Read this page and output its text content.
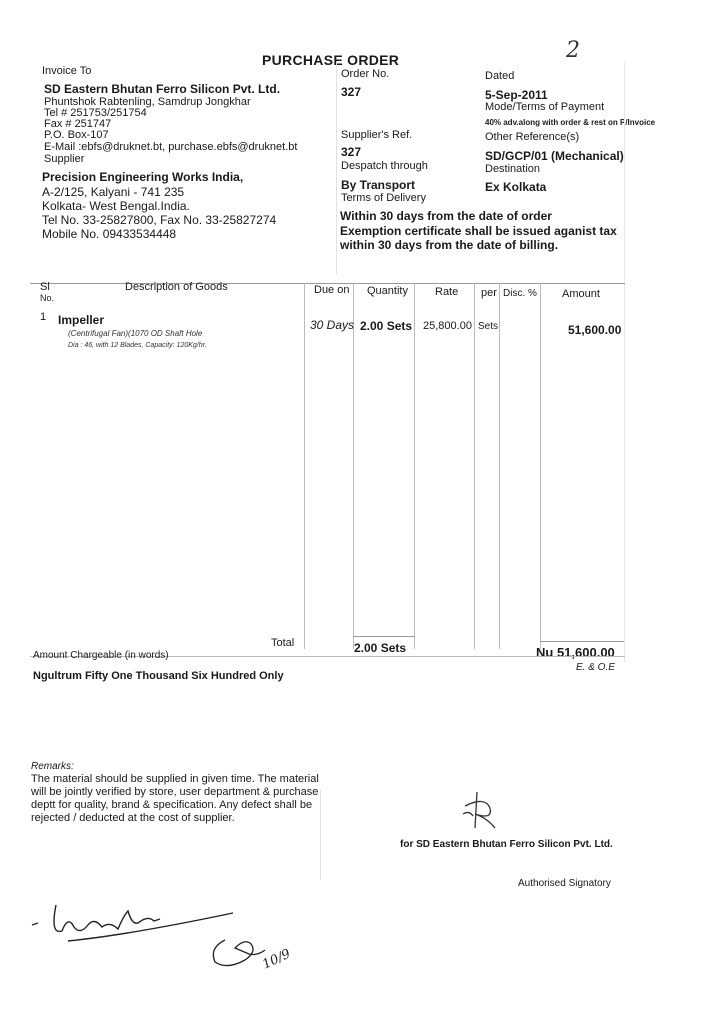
2
PURCHASE ORDER
Invoice To
SD Eastern Bhutan Ferro Silicon Pvt. Ltd.
Phuntshok Rabtenling, Samdrup Jongkhar
Tel # 251753/251754
Fax # 251747
P.O. Box-107
E-Mail :ebfs@druknet.bt, purchase.ebfs@druknet.bt
Supplier
Precision Engineering Works India,
A-2/125, Kalyani - 741 235
Kolkata- West Bengal.India.
Tel No. 33-25827800, Fax No. 33-25827274
Mobile No. 09433534448
Order No.
327
Supplier's Ref.
327
Despatch through
By Transport
Terms of Delivery
Within 30 days from the date of order
Exemption certificate shall be issued aganist tax
within 30 days from the date of billing.
Dated
5-Sep-2011
Mode/Terms of Payment
40% adv.along with order & rest on P/Invoice
Other Reference(s)
SD/GCP/01 (Mechanical)
Destination
Ex Kolkata
Sl
No.
Description of Goods	Due on Quantity Rate per Disc. % Amount
1 Impeller
(Centrifugal Fan)(1070 OD Shaft Hole
Dia : 46, with 12 Blades, Capacity: 120Kg/hr.
30 Days 2.00 Sets 25,800.00 Sets	51,600.00
Total	2.00 Sets	Nu 51,600.00
Amount Chargeable (in words)
E. & O.E
Ngultrum Fifty One Thousand Six Hundred Only
Remarks:
The material should be supplied in given time. The material
will be jointly verified by store, user department & purchase
deptt for quality, brand & specification. Any defect shall be
rejected / deducted at the cost of supplier.
for SD Eastern Bhutan Ferro Silicon Pvt. Ltd.
Authorised Signatory
10/9
